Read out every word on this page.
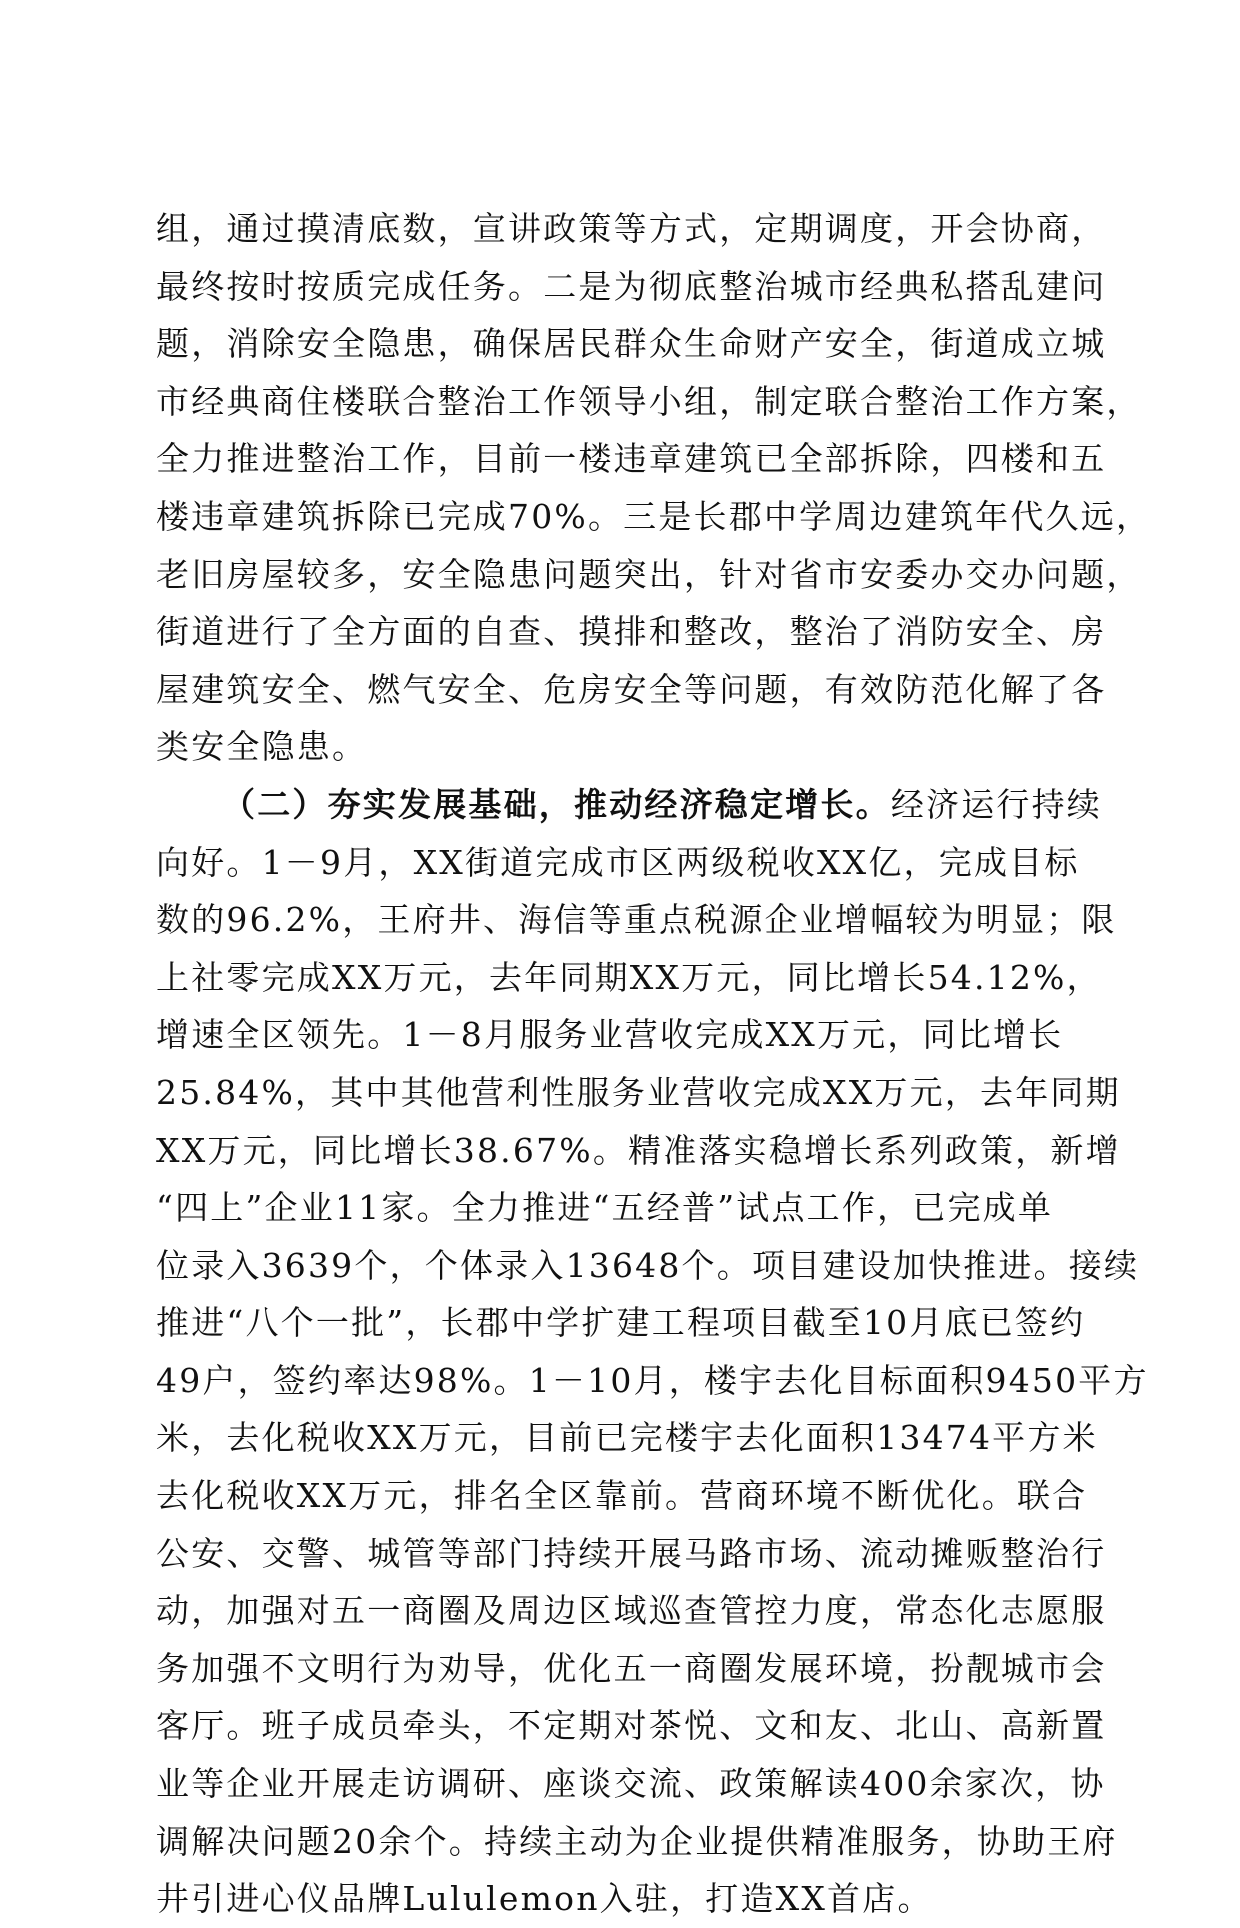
组，通过摸清底数，宣讲政策等方式，定期调度，开会协商，
最终按时按质完成任务。二是为彻底整治城市经典私搭乱建问
题，消除安全隐患，确保居民群众生命财产安全，街道成立城
市经典商住楼联合整治工作领导小组，制定联合整治工作方案，
全力推进整治工作，目前一楼违章建筑已全部拆除，四楼和五
楼违章建筑拆除已完成70%。三是长郡中学周边建筑年代久远，
老旧房屋较多，安全隐患问题突出，针对省市安委办交办问题，
街道进行了全方面的自查、摸排和整改，整治了消防安全、房
屋建筑安全、燃气安全、危房安全等问题，有效防范化解了各
类安全隐患。
（二）夯实发展基础，推动经济稳定增长。经济运行持续
向好。1－9月，XX街道完成市区两级税收XX亿，完成目标
数的96.2%，王府井、海信等重点税源企业增幅较为明显；限
上社零完成XX万元，去年同期XX万元，同比增长54.12%，
增速全区领先。1－8月服务业营收完成XX万元，同比增长
25.84%，其中其他营利性服务业营收完成XX万元，去年同期
XX万元，同比增长38.67%。精准落实稳增长系列政策，新增
“四上”企业11家。全力推进“五经普”试点工作，已完成单
位录入3639个，个体录入13648个。项目建设加快推进。接续
推进“八个一批”，长郡中学扩建工程项目截至10月底已签约
49户，签约率达98%。1－10月，楼宇去化目标面积9450平方
米，去化税收XX万元，目前已完楼宇去化面积13474平方米
去化税收XX万元，排名全区靠前。营商环境不断优化。联合
公安、交警、城管等部门持续开展马路市场、流动摊贩整治行
动，加强对五一商圈及周边区域巡查管控力度，常态化志愿服
务加强不文明行为劝导，优化五一商圈发展环境，扮靓城市会
客厅。班子成员牵头，不定期对茶悦、文和友、北山、高新置
业等企业开展走访调研、座谈交流、政策解读400余家次，协
调解决问题20余个。持续主动为企业提供精准服务，协助王府
井引进心仪品牌Lululemon入驻，打造XX首店。
